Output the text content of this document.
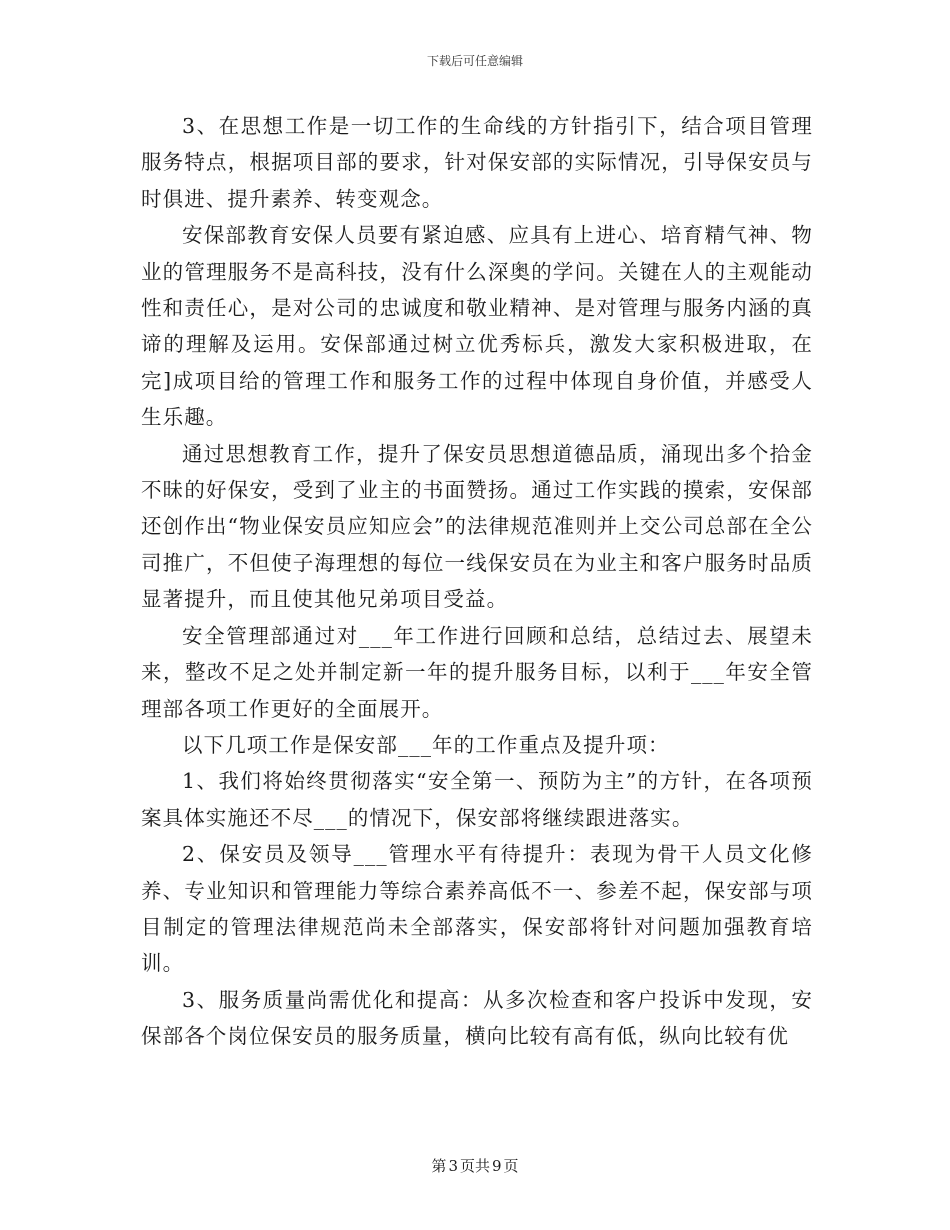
下载后可任意编辑

3、在思想工作是一切工作的生命线的方针指引下，结合项目管理服务特点，根据项目部的要求，针对保安部的实际情况，引导保安员与时俱进、提升素养、转变观念。

安保部教育安保人员要有紧迫感、应具有上进心、培育精气神、物业的管理服务不是高科技，没有什么深奥的学问。关键在人的主观能动性和责任心，是对公司的忠诚度和敬业精神、是对管理与服务内涵的真谛的理解及运用。安保部通过树立优秀标兵，激发大家积极进取，在完]成项目给的管理工作和服务工作的过程中体现自身价值，并感受人生乐趣。

通过思想教育工作，提升了保安员思想道德品质，涌现出多个拾金不昧的好保安，受到了业主的书面赞扬。通过工作实践的摸索，安保部还创作出“物业保安员应知应会”的法律规范准则并上交公司总部在全公司推广，不但使子海理想的每位一线保安员在为业主和客户服务时品质显著提升，而且使其他兄弟项目受益。

安全管理部通过对___年工作进行回顾和总结，总结过去、展望未来，整改不足之处并制定新一年的提升服务目标，以利于___年安全管理部各项工作更好的全面展开。

以下几项工作是保安部___年的工作重点及提升项：

1、我们将始终贯彻落实“安全第一、预防为主”的方针，在各项预案具体实施还不尽___的情况下，保安部将继续跟进落实。

2、保安员及领导___管理水平有待提升：表现为骨干人员文化修养、专业知识和管理能力等综合素养高低不一、参差不起，保安部与项目制定的管理法律规范尚未全部落实，保安部将针对问题加强教育培训。

3、服务质量尚需优化和提高：从多次检查和客户投诉中发现，安保部各个岗位保安员的服务质量，横向比较有高有低，纵向比较有优

第 3 页共 9 页
